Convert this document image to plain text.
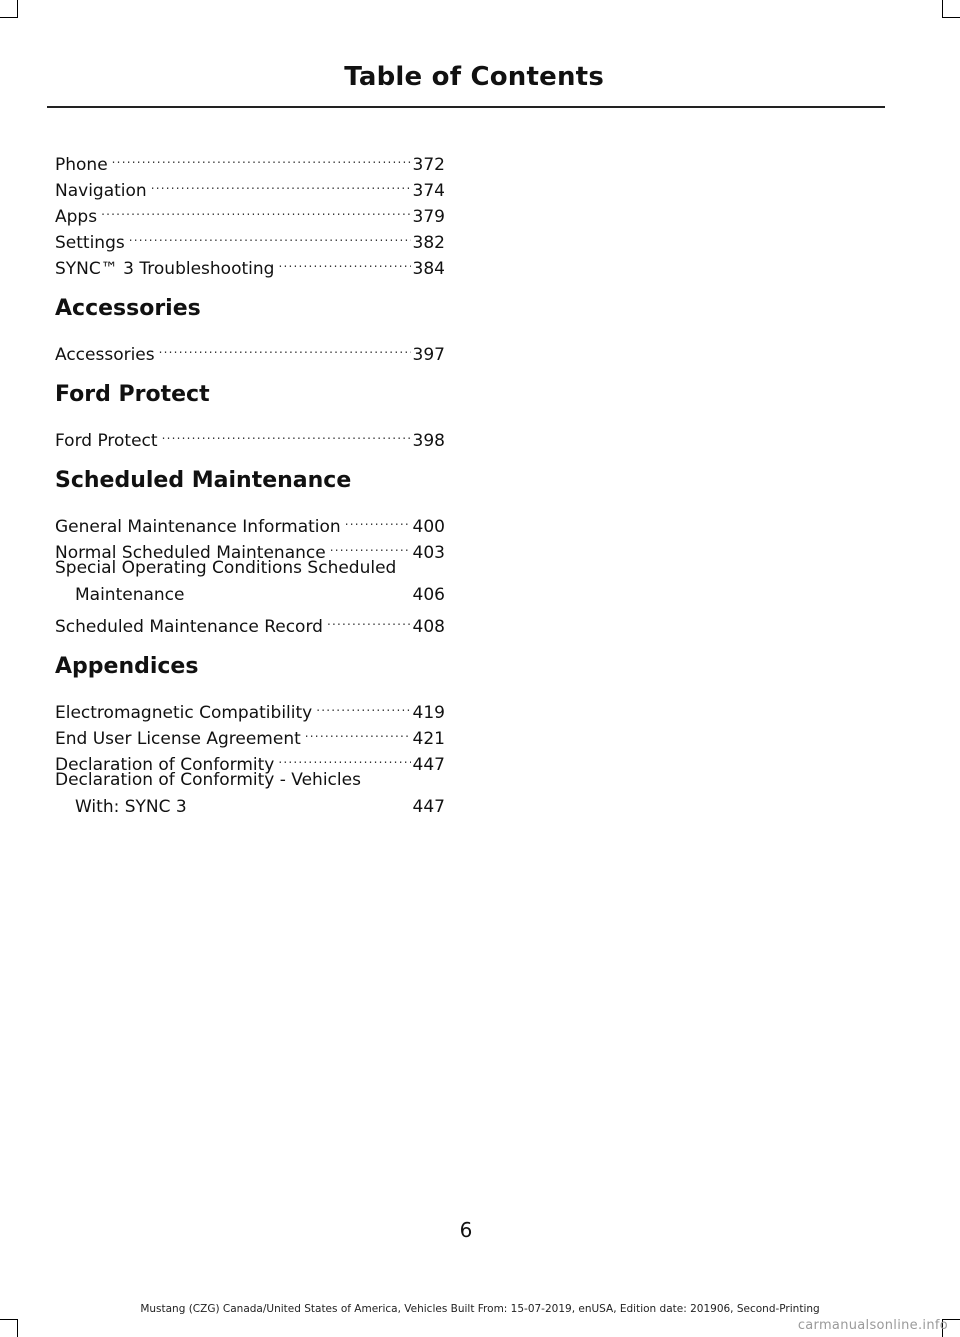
Table of Contents
Phone .....	372
Navigation .....	374
Apps .....	379
Settings .....	382
SYNC™ 3 Troubleshooting .....	384
Accessories
Accessories .....	397
Ford Protect
Ford Protect .....	398
Scheduled Maintenance
General Maintenance Information .....	400
Normal Scheduled Maintenance .....	403
Special Operating Conditions Scheduled
Maintenance	406
Scheduled Maintenance Record .....	408
Appendices
Electromagnetic Compatibility .....	419
End User License Agreement .....	421
Declaration of Conformity .....	447
Declaration of Conformity - Vehicles
With: SYNC 3	447
6
Mustang (CZG) Canada/United States of America, Vehicles Built From: 15-07-2019, enUSA, Edition date: 201906, Second-Printing
carmanualsonline.info
